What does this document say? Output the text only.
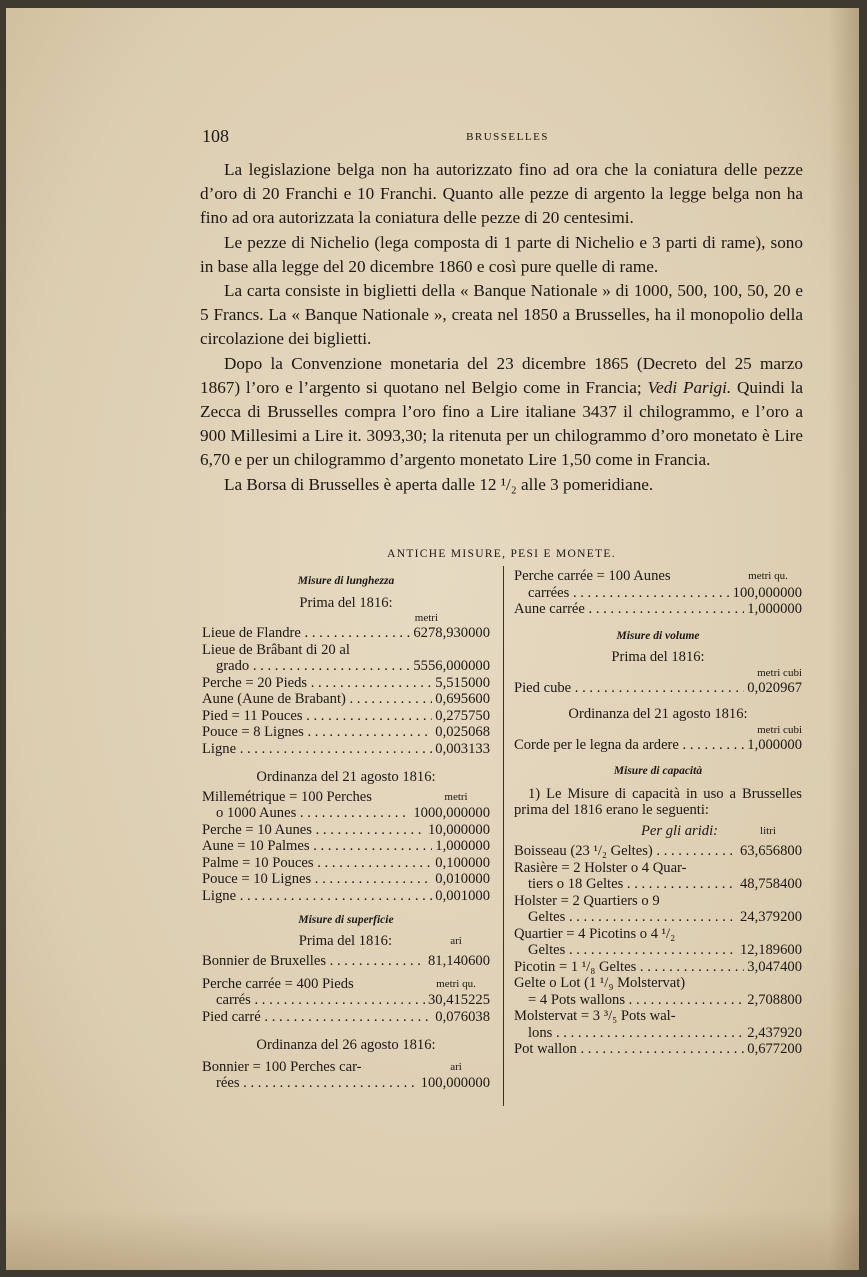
108	BRUSSELLES

La legislazione belga non ha autorizzato fino ad ora che la coniatura delle pezze d’oro di 20 Franchi e 10 Franchi. Quanto alle pezze di argento la legge belga non ha fino ad ora autorizzata la coniatura delle pezze di 20 centesimi.

Le pezze di Nichelio (lega composta di 1 parte di Nichelio e 3 parti di rame), sono in base alla legge del 20 dicembre 1860 e così pure quelle di rame.

La carta consiste in biglietti della « Banque Nationale » di 1000, 500, 100, 50, 20 e 5 Francs. La « Banque Nationale », creata nel 1850 a Brusselles, ha il monopolio della circolazione dei biglietti.

Dopo la Convenzione monetaria del 23 dicembre 1865 (Decreto del 25 marzo 1867) l’oro e l’argento si quotano nel Belgio come in Francia; Vedi Parigi. Quindi la Zecca di Brusselles compra l’oro fino a Lire italiane 3437 il chilogrammo, e l’oro a 900 Millesimi a Lire it. 3093,30; la ritenuta per un chilogrammo d’oro monetato è Lire 6,70 e per un chilogrammo d’argento monetato Lire 1,50 come in Francia.

La Borsa di Brusselles è aperta dalle 12 ¹/₂ alle 3 pomeridiane.

ANTICHE MISURE, PESI E MONETE.
Misure di lunghezza
Prima del 1816:
metri
Lieue de Flandre . . .	6278,930000
Lieue de Brâbant di 20 al
grado . . .	5556,000000
Perche = 20 Pieds . . .	5,515000
Aune (Aune de Brabant) . . .	0,695600
Pied = 11 Pouces . . .	0,275750
Pouce = 8 Lignes . . .	0,025068
Ligne . . .	0,003133
Ordinanza del 21 agosto 1816:
Millemétrique = 100 Perches	metri
o 1000 Aunes . . .	1000,000000
Perche = 10 Aunes . . .	10,000000
Aune = 10 Palmes . . .	1,000000
Palme = 10 Pouces . . .	0,100000
Pouce = 10 Lignes . . .	0,010000
Ligne . . .	0,001000
Misure di superficie
Prima del 1816:	ari
Bonnier de Bruxelles . . .	81,140600
Perche carrée = 400 Pieds	metri qu.
carrés . . .	30,415225
Pied carré . . .	0,076038
Ordinanza del 26 agosto 1816:
Bonnier = 100 Perches car-	ari
rées . . .	100,000000
Perche carrée = 100 Aunes	metri qu.
carrées . . .	100,000000
Aune carrée . . .	1,000000
Misure di volume
Prima del 1816:
metri cubi
Pied cube . . .	0,020967
Ordinanza del 21 agosto 1816:
metri cubi
Corde per le legna da ardere . . .	1,000000
Misure di capacità
1) Le Misure di capacità in uso a Brusselles prima del 1816 erano le seguenti:
Per gli aridi:	litri
Boisseau (23 ¹/₂ Geltes) . . .	63,656800
Rasière = 2 Holster o 4 Quar-
tiers o 18 Geltes . . .	48,758400
Holster = 2 Quartiers o 9
Geltes . . .	24,379200
Quartier = 4 Picotins o 4 ¹/₂
Geltes . . .	12,189600
Picotin = 1 ¹/₈ Geltes . . .	3,047400
Gelte o Lot (1 ¹/₉ Molstervat)
= 4 Pots wallons . . .	2,708800
Molstervat = 3 ³/₅ Pots wal-
lons . . .	2,437920
Pot wallon . . .	0,677200
